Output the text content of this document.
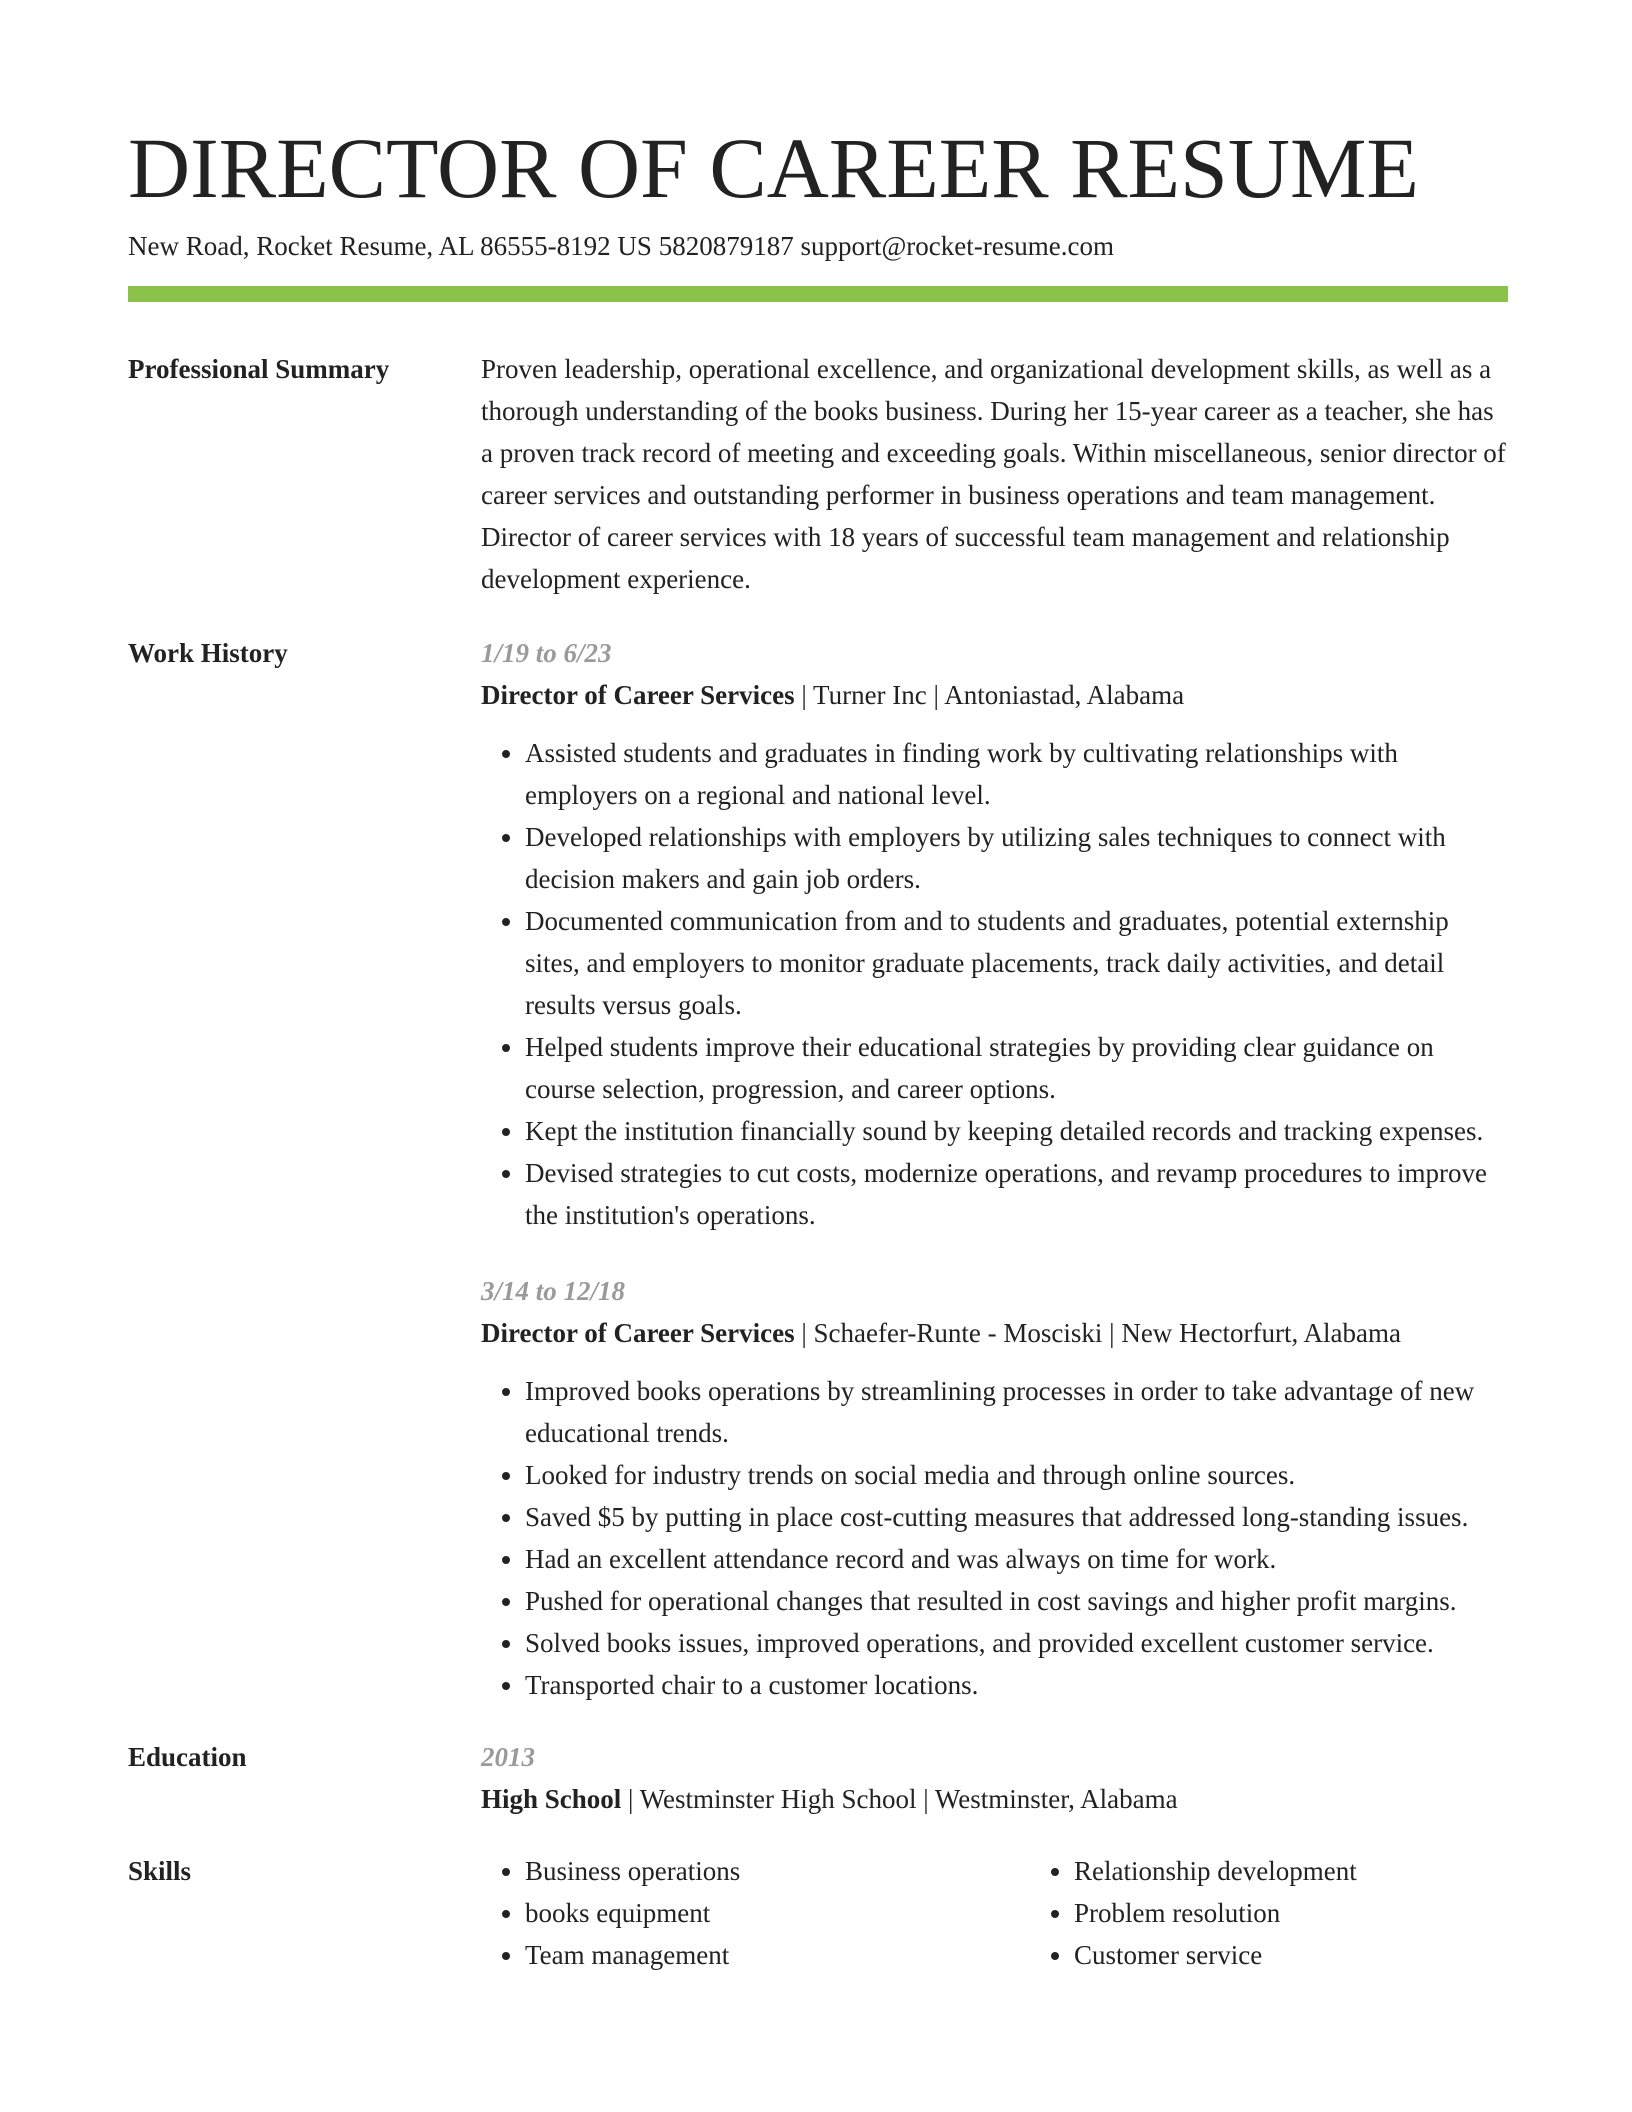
DIRECTOR OF CAREER RESUME
New Road, Rocket Resume, AL 86555-8192 US 5820879187 support@rocket-resume.com
Professional Summary	Proven leadership, operational excellence, and organizational development skills, as well as a thorough understanding of the books business. During her 15-year career as a teacher, she has a proven track record of meeting and exceeding goals. Within miscellaneous, senior director of career services and outstanding performer in business operations and team management. Director of career services with 18 years of successful team management and relationship development experience.
Work History	1/19 to 6/23
Director of Career Services | Turner Inc | Antoniastad, Alabama
• Assisted students and graduates in finding work by cultivating relationships with employers on a regional and national level.
• Developed relationships with employers by utilizing sales techniques to connect with decision makers and gain job orders.
• Documented communication from and to students and graduates, potential externship sites, and employers to monitor graduate placements, track daily activities, and detail results versus goals.
• Helped students improve their educational strategies by providing clear guidance on course selection, progression, and career options.
• Kept the institution financially sound by keeping detailed records and tracking expenses.
• Devised strategies to cut costs, modernize operations, and revamp procedures to improve the institution's operations.
3/14 to 12/18
Director of Career Services | Schaefer-Runte - Mosciski | New Hectorfurt, Alabama
• Improved books operations by streamlining processes in order to take advantage of new educational trends.
• Looked for industry trends on social media and through online sources.
• Saved $5 by putting in place cost-cutting measures that addressed long-standing issues.
• Had an excellent attendance record and was always on time for work.
• Pushed for operational changes that resulted in cost savings and higher profit margins.
• Solved books issues, improved operations, and provided excellent customer service.
• Transported chair to a customer locations.
Education	2013
High School | Westminster High School | Westminster, Alabama
Skills
•	Business operations
• books equipment
• Team management
• Relationship development
• Problem resolution
• Customer service
